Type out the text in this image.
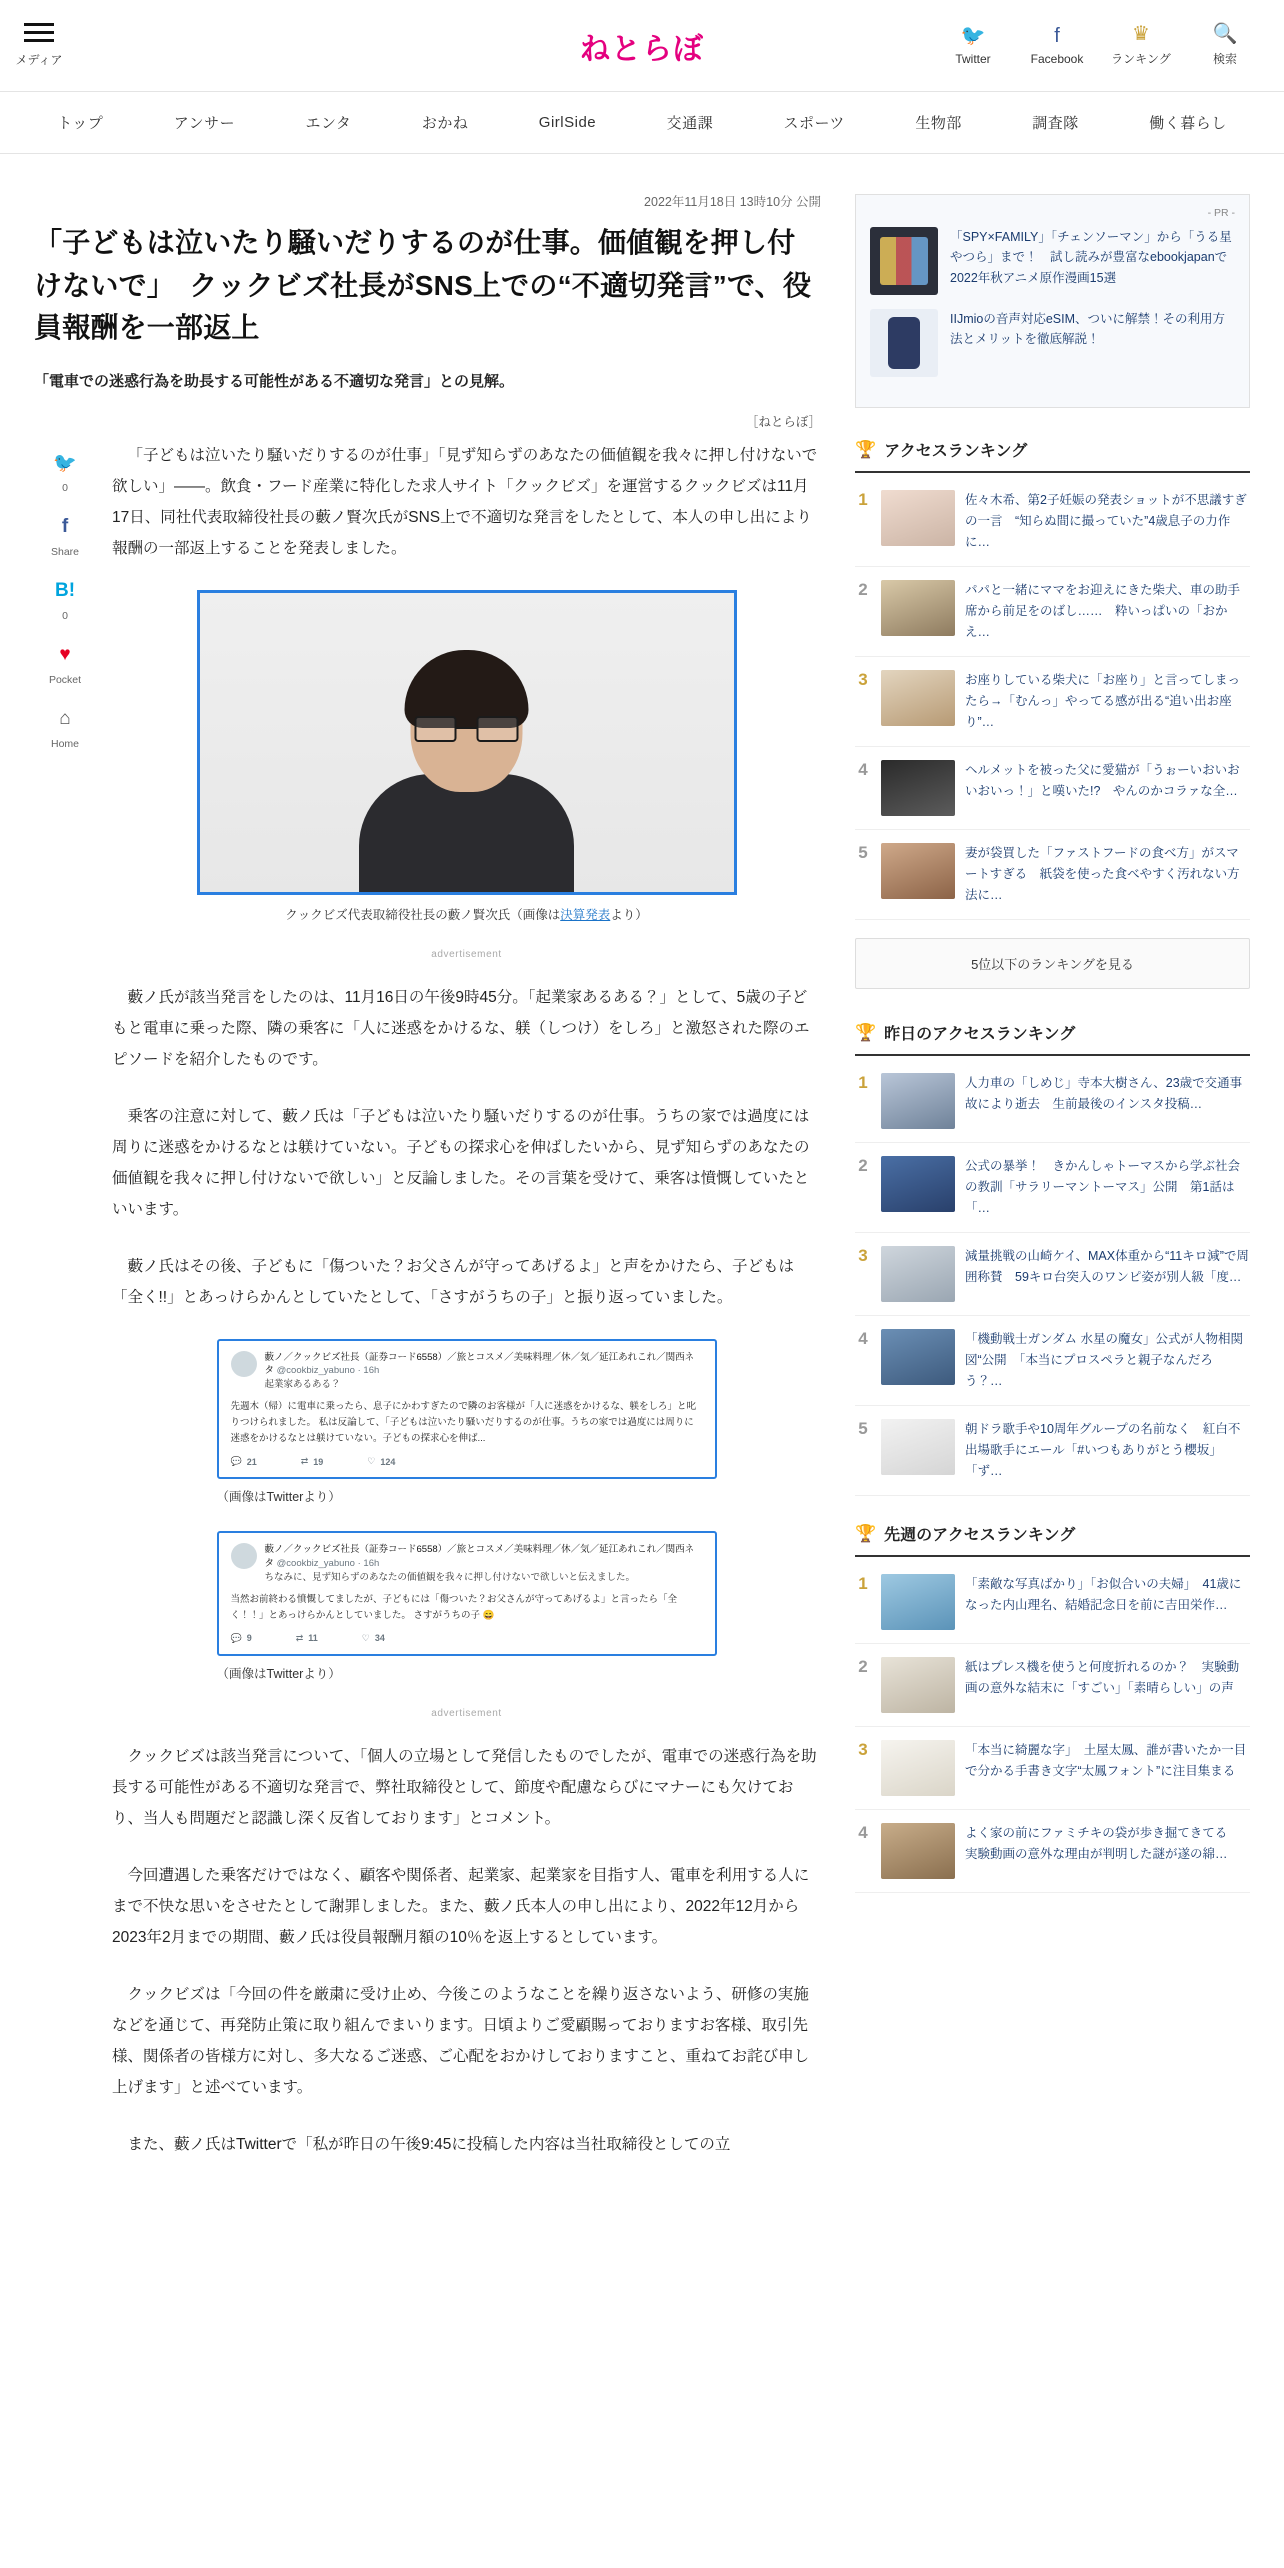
メディア	ねとらぼ	🐦
Twitter
f
Facebook
♛
ランキング
🔍
検索
トップ	アンサー	エンタ	おかね	GirlSide	交通課	スポーツ	生物部	調査隊	働く暮らし
2022年11月18日 13時10分 公開
「子どもは泣いたり騒いだりするのが仕事。価値観を押し付けないで」　クックビズ社長がSNS上での“不適切発言”で、役員報酬を一部返上
「電車での迷惑行為を助長する可能性がある不適切な発言」との見解。
［ねとらぼ］
🐦
0
f
Share
B!
0
♥
Pocket
⌂
Home

「子どもは泣いたり騒いだりするのが仕事」「見ず知らずのあなたの価値観を我々に押し付けないで欲しい」——。飲食・フード産業に特化した求人サイト「クックビズ」を運営するクックビズは11月17日、同社代表取締役社長の藪ノ賢次氏がSNS上で不適切な発言をしたとして、本人の申し出により報酬の一部返上することを発表しました。

クックビズ代表取締役社長の藪ノ賢次氏（画像は決算発表より）
advertisement

藪ノ氏が該当発言をしたのは、11月16日の午後9時45分。「起業家あるある？」として、5歳の子どもと電車に乗った際、隣の乗客に「人に迷惑をかけるな、躾（しつけ）をしろ」と激怒された際のエピソードを紹介したものです。

乗客の注意に対して、藪ノ氏は「子どもは泣いたり騒いだりするのが仕事。うちの家では過度には周りに迷惑をかけるなとは躾けていない。子どもの探求心を伸ばしたいから、見ず知らずのあなたの価値観を我々に押し付けないで欲しい」と反論しました。その言葉を受けて、乗客は憤慨していたといいます。

藪ノ氏はその後、子どもに「傷ついた？お父さんが守ってあげるよ」と声をかけたら、子どもは「全く!!」とあっけらかんとしていたとして、「さすがうちの子」と振り返っていました。

藪ノ／クックビズ社長（証券コード6558）／旅とコスメ／美味料理／休／気／延江あれこれ／関西ネタ @cookbiz_yabuno · 16h
起業家あるある？
先週木（帰）に電車に乗ったら、息子にかわすぎたので隣のお客様が「人に迷惑をかけるな、躾をしろ」と叱りつけられました。 私は反論して、「子どもは泣いたり騒いだりするのが仕事。うちの家では過度には周りに迷惑をかけるなとは躾けていない。子どもの探求心を伸ば...
💬 21	⇄ 19	♡ 124
（画像はTwitterより）
藪ノ／クックビズ社長（証券コード6558）／旅とコスメ／美味料理／休／気／延江あれこれ／関西ネタ @cookbiz_yabuno · 16h
ちなみに、見ず知らずのあなたの価値観を我々に押し付けないで欲しいと伝えました。
当然お前終わる憤慨してましたが、子どもには「傷ついた？お父さんが守ってあげるよ」と言ったら「全く！！」とあっけらかんとしていました。 さすがうちの子 😄
💬 9	⇄ 11	♡ 34
（画像はTwitterより）
advertisement

クックビズは該当発言について、「個人の立場として発信したものでしたが、電車での迷惑行為を助長する可能性がある不適切な発言で、弊社取締役として、節度や配慮ならびにマナーにも欠けており、当人も問題だと認識し深く反省しております」とコメント。

今回遭遇した乗客だけではなく、顧客や関係者、起業家、起業家を目指す人、電車を利用する人にまで不快な思いをさせたとして謝罪しました。また、藪ノ氏本人の申し出により、2022年12月から2023年2月までの期間、藪ノ氏は役員報酬月額の10％を返上するとしています。

クックビズは「今回の件を厳粛に受け止め、今後このようなことを繰り返さないよう、研修の実施などを通じて、再発防止策に取り組んでまいります。日頃よりご愛顧賜っておりますお客様、取引先様、関係者の皆様方に対し、多大なるご迷惑、ご心配をおかけしておりますこと、重ねてお詫び申し上げます」と述べています。

また、藪ノ氏はTwitterで「私が昨日の午後9:45に投稿した内容は当社取締役としての立

- PR -
「SPY×FAMILY」「チェンソーマン」から「うる星やつら」まで！　試し読みが豊富なebookjapanで2022年秋アニメ原作漫画15選
IIJmioの音声対応eSIM、ついに解禁！その利用方法とメリットを徹底解説！
🏆 アクセスランキング
1	佐々木希、第2子妊娠の発表ショットが不思議すぎの一言　“知らぬ間に撮っていた”4歳息子の力作に…
2	パパと一緒にママをお迎えにきた柴犬、車の助手席から前足をのばし……　粋いっぱいの「おかえ…
3	お座りしている柴犬に「お座り」と言ってしまったら→「むんっ」やってる感が出る“追い出お座り”…
4	ヘルメットを被った父に愛猫が「うぉーいおいおいおいっ！」と嘆いた!?　やんのかコラァな全…
5	妻が袋買した「ファストフードの食べ方」がスマートすぎる　紙袋を使った食べやすく汚れない方法に…
5位以下のランキングを見る
🏆 昨日のアクセスランキング
1	人力車の「しめじ」寺本大樹さん、23歳で交通事故により逝去　生前最後のインスタ投稿…
2	公式の暴挙！　きかんしゃトーマスから学ぶ社会の教訓「サラリーマントーマス」公開　第1話は「…
3	減量挑戦の山崎ケイ、MAX体重から“11キロ減”で周囲称賛　59キロ台突入のワンピ姿が別人級「度…
4	「機動戦士ガンダム 水星の魔女」公式が人物相関図“公開　「本当にプロスペラと親子なんだろう？…
5	朝ドラ歌手や10周年グループの名前なく　紅白不出場歌手にエール「#いつもありがとう櫻坂」「ず…
🏆 先週のアクセスランキング
1	「素敵な写真ばかり」「お似合いの夫婦」　41歳になった内山理名、結婚記念日を前に吉田栄作…
2	紙はプレス機を使うと何度折れるのか？　実験動画の意外な結末に「すごい」「素晴らしい」の声
3	「本当に綺麗な字」　土屋太鳳、誰が書いたか一目で分かる手書き文字“太鳳フォント”に注目集まる
4	よく家の前にファミチキの袋が歩き掘てきてる　実験動画の意外な理由が判明した謎が遂の綿…
